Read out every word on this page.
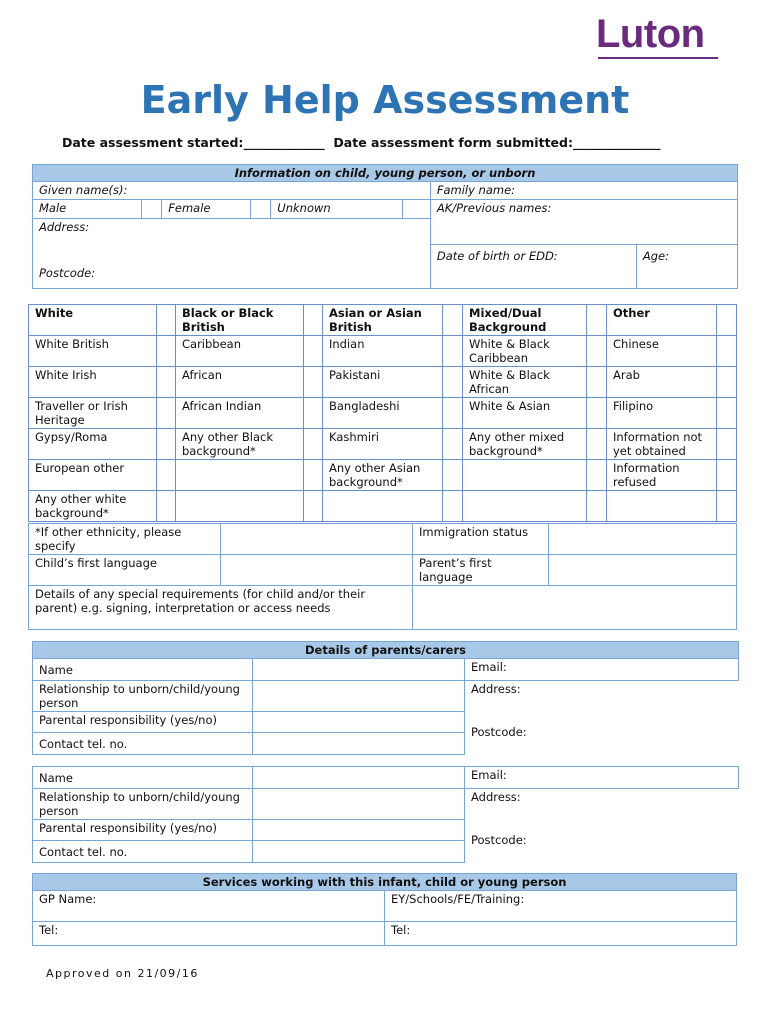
Luton
Early Help Assessment
Date assessment started:_____________ Date assessment form submitted:______________
Information on child, young person, or unborn							
Given name(s):						Family name:	
Male		Female		Unknown		AK/Previous names:	
Address:							
Postcode:						Date of birth or EDD:	Age:
White		Black or Black British		Asian or Asian British		Mixed/Dual Background		Other	
White British		Caribbean		Indian		White & Black Caribbean		Chinese	
White Irish		African		Pakistani		White & Black African		Arab	
Traveller or Irish Heritage		African Indian		Bangladeshi		White & Asian		Filipino	
Gypsy/Roma		Any other Black background*		Kashmiri		Any other mixed background*		Information not yet obtained	
European other				Any other Asian background*				Information refused	
Any other white background*									
*If other ethnicity, please specify		Immigration status	
Child’s first language		Parent’s first language	
Details of any special requirements (for child and/or their parent) e.g. signing, interpretation or access needs			
Details of parents/carers		
Name		Email:
Relationship to unborn/child/young person		Address:
Postcode:

Parental responsibility (yes/no)		
Contact tel. no.		
Name		Email:
Relationship to unborn/child/young person		Address:
Postcode:

Parental responsibility (yes/no)		
Contact tel. no.		
Services working with this infant, child or young person	
GP Name:	EY/Schools/FE/Training:
Tel:	Tel:
Approved on 21/09/16
